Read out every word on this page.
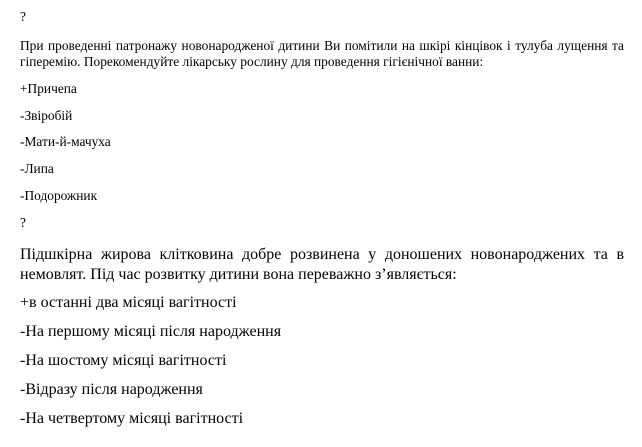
?

При проведенні патронажу новонародженої дитини Ви помітили на шкірі кінцівок і тулуба лущення та гіперемію. Порекомендуйте лікарську рослину для проведення гігієнічної ванни:

+Причепа

-Звіробій

-Мати-й-мачуха

-Липа

-Подорожник

?

Підшкірна жирова клітковина добре розвинена у доношених новонароджених та в немовлят. Під час розвитку дитини вона переважно з’являється:

+в останні два місяці вагітності

-На першому місяці після народження

-На шостому місяці вагітності

-Відразу після народження

-На четвертому місяці вагітності
